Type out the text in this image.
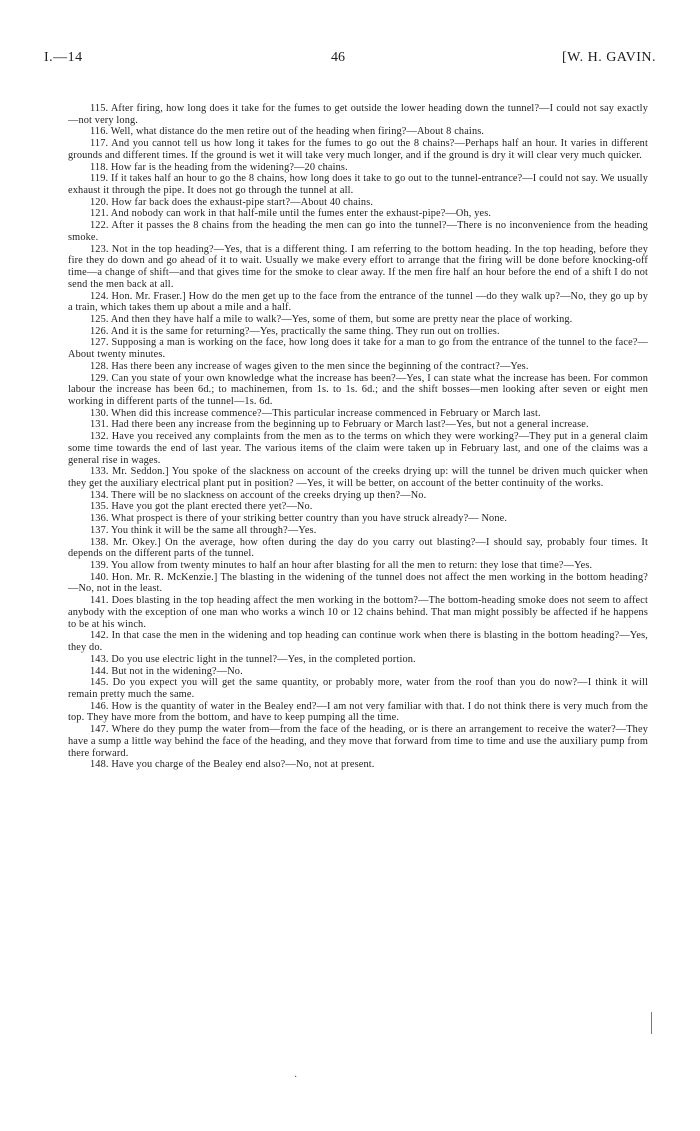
I.—14	46	[W. H. GAVIN.

115. After firing, how long does it take for the fumes to get outside the lower heading down the tunnel?—I could not say exactly—not very long.

116. Well, what distance do the men retire out of the heading when firing?—About 8 chains.

117. And you cannot tell us how long it takes for the fumes to go out the 8 chains?—Perhaps half an hour. It varies in different grounds and different times. If the ground is wet it will take very much longer, and if the ground is dry it will clear very much quicker.

118. How far is the heading from the widening?—20 chains.

119. If it takes half an hour to go the 8 chains, how long does it take to go out to the tunnel-entrance?—I could not say. We usually exhaust it through the pipe. It does not go through the tunnel at all.

120. How far back does the exhaust-pipe start?—About 40 chains.

121. And nobody can work in that half-mile until the fumes enter the exhaust-pipe?—Oh, yes.

122. After it passes the 8 chains from the heading the men can go into the tunnel?—There is no inconvenience from the heading smoke.

123. Not in the top heading?—Yes, that is a different thing. I am referring to the bottom heading. In the top heading, before they fire they do down and go ahead of it to wait. Usually we make every effort to arrange that the firing will be done before knocking-off time—a change of shift—and that gives time for the smoke to clear away. If the men fire half an hour before the end of a shift I do not send the men back at all.

124. Hon. Mr. Fraser.] How do the men get up to the face from the entrance of the tunnel —do they walk up?—No, they go up by a train, which takes them up about a mile and a half.

125. And then they have half a mile to walk?—Yes, some of them, but some are pretty near the place of working.

126. And it is the same for returning?—Yes, practically the same thing. They run out on trollies.

127. Supposing a man is working on the face, how long does it take for a man to go from the entrance of the tunnel to the face?—About twenty minutes.

128. Has there been any increase of wages given to the men since the beginning of the contract?—Yes.

129. Can you state of your own knowledge what the increase has been?—Yes, I can state what the increase has been. For common labour the increase has been 6d.; to machinemen, from 1s. to 1s. 6d.; and the shift bosses—men looking after seven or eight men working in different parts of the tunnel—1s. 6d.

130. When did this increase commence?—This particular increase commenced in February or March last.

131. Had there been any increase from the beginning up to February or March last?—Yes, but not a general increase.

132. Have you received any complaints from the men as to the terms on which they were working?—They put in a general claim some time towards the end of last year. The various items of the claim were taken up in February last, and one of the claims was a general rise in wages.

133. Mr. Seddon.] You spoke of the slackness on account of the creeks drying up: will the tunnel be driven much quicker when they get the auxiliary electrical plant put in position? —Yes, it will be better, on account of the better continuity of the works.

134. There will be no slackness on account of the creeks drying up then?—No.

135. Have you got the plant erected there yet?—No.

136. What prospect is there of your striking better country than you have struck already?— None.

137. You think it will be the same all through?—Yes.

138. Mr. Okey.] On the average, how often during the day do you carry out blasting?—I should say, probably four times. It depends on the different parts of the tunnel.

139. You allow from twenty minutes to half an hour after blasting for all the men to return: they lose that time?—Yes.

140. Hon. Mr. R. McKenzie.] The blasting in the widening of the tunnel does not affect the men working in the bottom heading?—No, not in the least.

141. Does blasting in the top heading affect the men working in the bottom?—The bottom-heading smoke does not seem to affect anybody with the exception of one man who works a winch 10 or 12 chains behind. That man might possibly be affected if he happens to be at his winch.

142. In that case the men in the widening and top heading can continue work when there is blasting in the bottom heading?—Yes, they do.

143. Do you use electric light in the tunnel?—Yes, in the completed portion.

144. But not in the widening?—No.

145. Do you expect you will get the same quantity, or probably more, water from the roof than you do now?—I think it will remain pretty much the same.

146. How is the quantity of water in the Bealey end?—I am not very familiar with that. I do not think there is very much from the top. They have more from the bottom, and have to keep pumping all the time.

147. Where do they pump the water from—from the face of the heading, or is there an arrangement to receive the water?—They have a sump a little way behind the face of the heading, and they move that forward from time to time and use the auxiliary pump from there forward.

148. Have you charge of the Bealey end also?—No, not at present.

·
